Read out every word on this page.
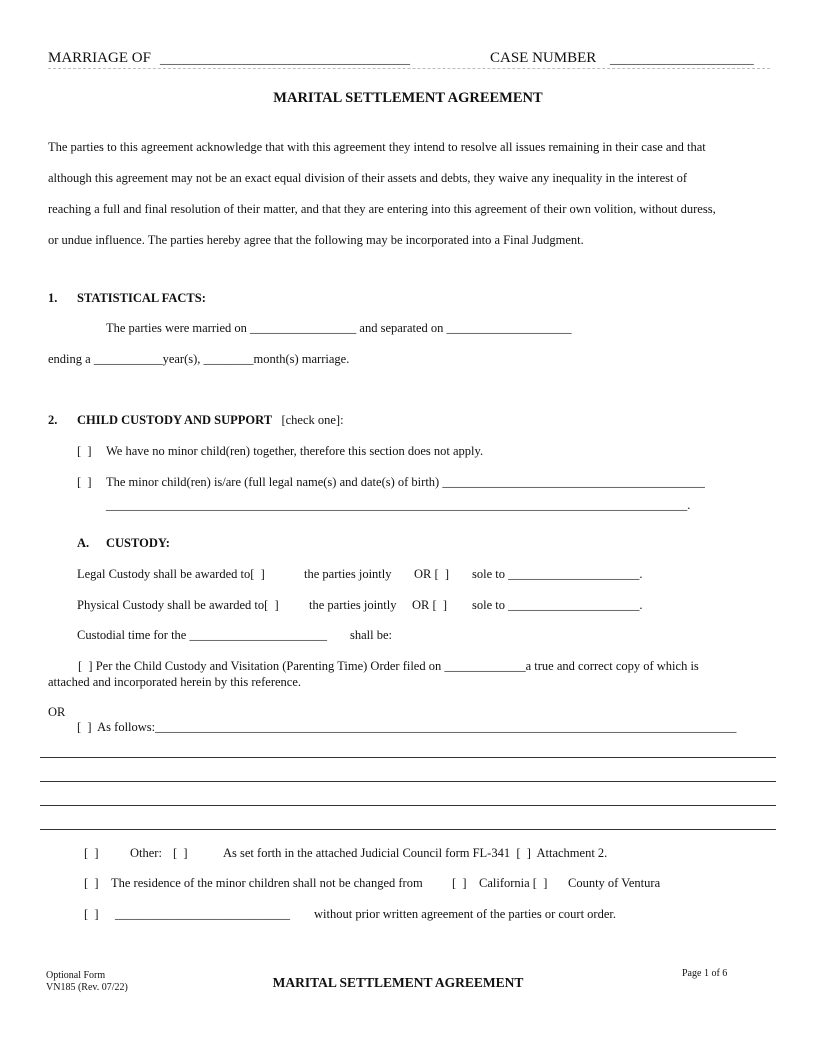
MARRIAGE OF ________________________________________	CASE NUMBER _______________________
MARITAL SETTLEMENT AGREEMENT

The parties to this agreement acknowledge that with this agreement they intend to resolve all issues remaining in their case and that

although this agreement may not be an exact equal division of their assets and debts, they waive any inequality in the interest of

reaching a full and final resolution of their matter, and that they are entering into this agreement of their own volition, without duress,

or undue influence. The parties hereby agree that the following may be incorporated into a Final Judgment.

1. STATISTICAL FACTS:
The parties were married on _________________ and separated on ____________________
ending a ___________year(s), ________month(s) marriage.
2. CHILD CUSTODY AND SUPPORT [check one]:
[  ] We have no minor child(ren) together, therefore this section does not apply.
[  ] The minor child(ren) is/are (full legal name(s) and date(s) of birth) __________________________________________
_____________________________________________________________________________________________.
A. CUSTODY:
Legal Custody shall be awarded to[  ]	the parties jointly OR [  ] sole to _____________________.
Physical Custody shall be awarded to[  ] the parties jointly OR [  ] sole to _____________________.
Custodial time for the ______________________ shall be:
[  ] Per the Child Custody and Visitation (Parenting Time) Order filed on _____________a true and correct copy of which is
attached and incorporated herein by this reference.
OR
[  ]  As follows:_____________________________________________________________________________________________
[  ]	Other: [  ]	As set forth in the attached Judicial Council form FL-341  [  ]  Attachment 2.
[  ] The residence of the minor children shall not be changed from [  ] California [  ] County of Ventura
[  ] ____________________________ without prior written agreement of the parties or court order.
Optional Form
VN185 (Rev. 07/22)	MARITAL SETTLEMENT AGREEMENT
Page 1 of 6
